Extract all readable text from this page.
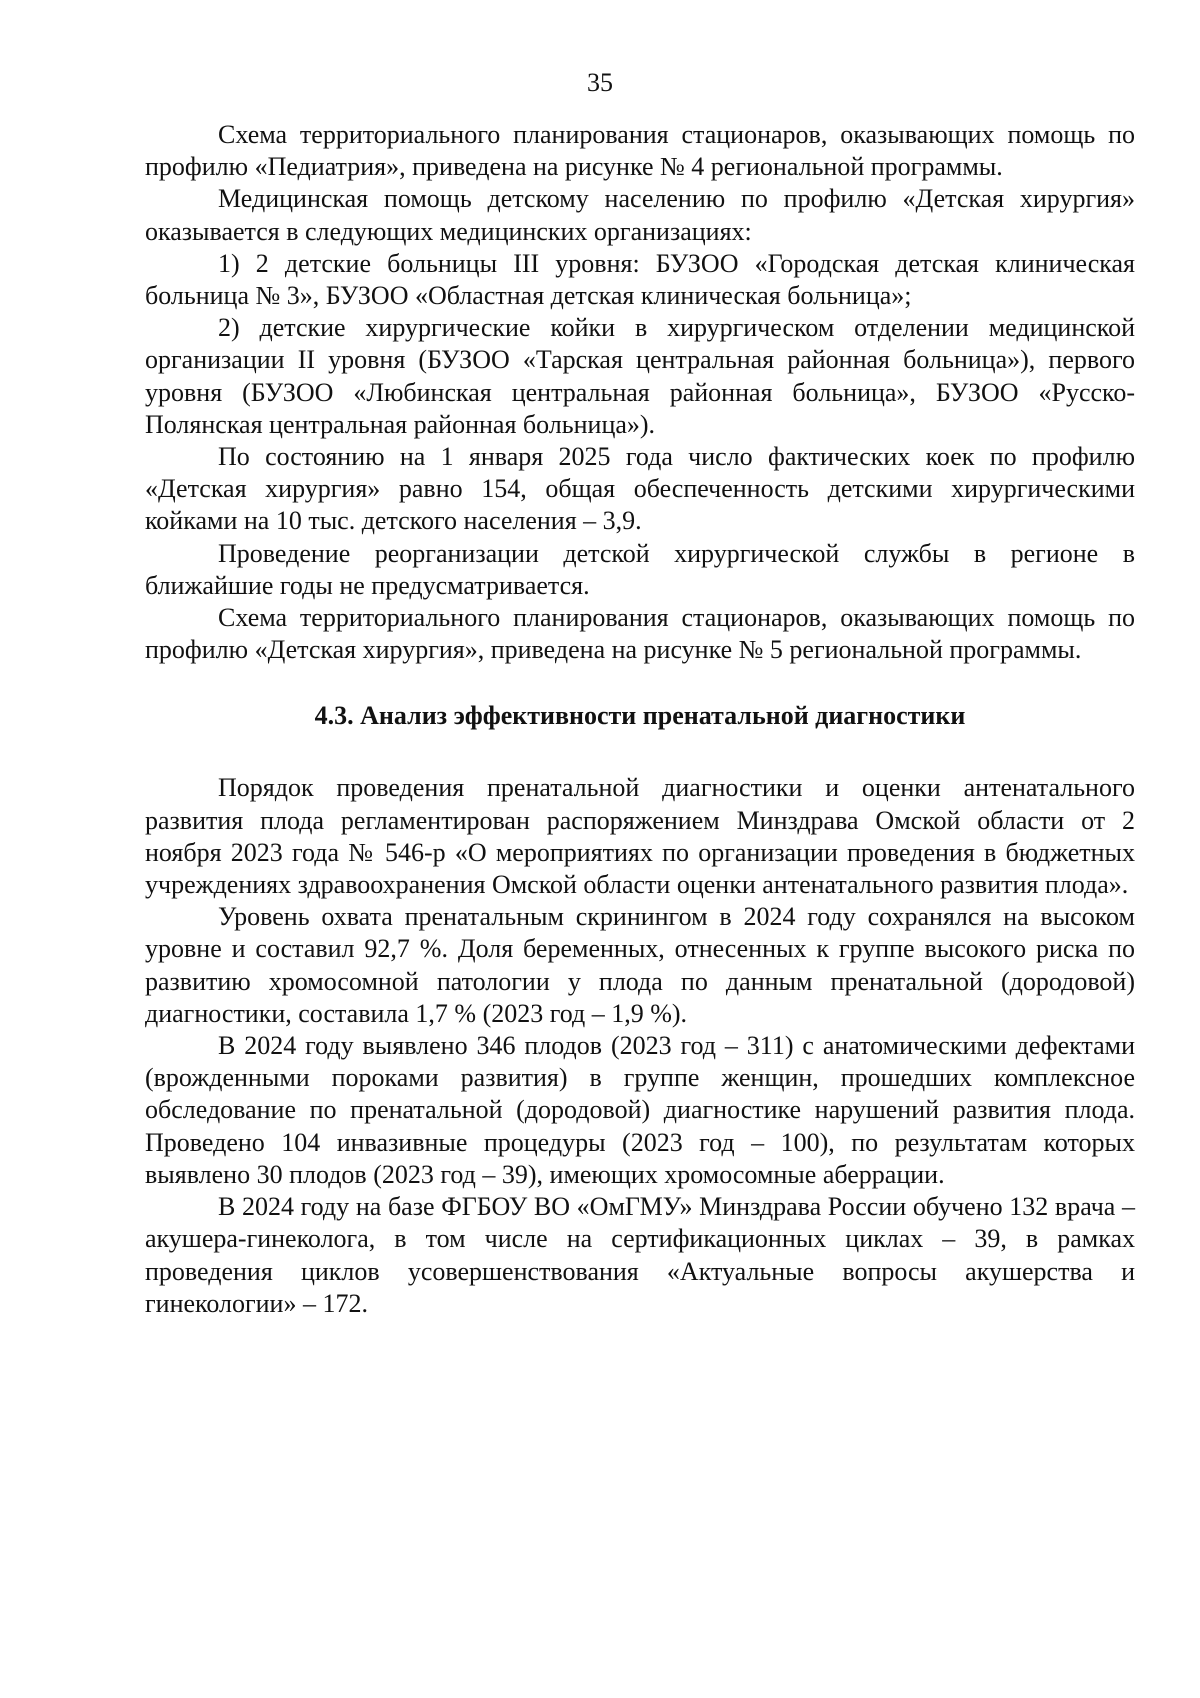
35

Схема территориального планирования стационаров, оказывающих помощь по профилю «Педиатрия», приведена на рисунке № 4 региональной программы.

Медицинская помощь детскому населению по профилю «Детская хирургия» оказывается в следующих медицинских организациях:

1) 2 детские больницы III уровня: БУЗОО «Городская детская клиническая больница № 3», БУЗОО «Областная детская клиническая больница»;

2) детские хирургические койки в хирургическом отделении медицинской организации II уровня (БУЗОО «Тарская центральная районная больница»), первого уровня (БУЗОО «Любинская центральная районная больница», БУЗОО «Русско-Полянская центральная районная больница»).

По состоянию на 1 января 2025 года число фактических коек по профилю «Детская хирургия» равно 154, общая обеспеченность детскими хирургическими койками на 10 тыс. детского населения – 3,9.

Проведение реорганизации детской хирургической службы в регионе в ближайшие годы не предусматривается.

Схема территориального планирования стационаров, оказывающих помощь по профилю «Детская хирургия», приведена на рисунке № 5 региональной программы.

4.3. Анализ эффективности пренатальной диагностики

Порядок проведения пренатальной диагностики и оценки антенатального развития плода регламентирован распоряжением Минздрава Омской области от 2 ноября 2023 года № 546-р «О мероприятиях по организации проведения в бюджетных учреждениях здравоохранения Омской области оценки антенатального развития плода».

Уровень охвата пренатальным скринингом в 2024 году сохранялся на высоком уровне и составил 92,7 %. Доля беременных, отнесенных к группе высокого риска по развитию хромосомной патологии у плода по данным пренатальной (дородовой) диагностики, составила 1,7 % (2023 год – 1,9 %).

В 2024 году выявлено 346 плодов (2023 год – 311) с анатомическими дефектами (врожденными пороками развития) в группе женщин, прошедших комплексное обследование по пренатальной (дородовой) диагностике нарушений развития плода. Проведено 104 инвазивные процедуры (2023 год – 100), по результатам которых выявлено 30 плодов (2023 год – 39), имеющих хромосомные аберрации.

В 2024 году на базе ФГБОУ ВО «ОмГМУ» Минздрава России обучено 132 врача – акушера-гинеколога, в том числе на сертификационных циклах – 39, в рамках проведения циклов усовершенствования «Актуальные вопросы акушерства и гинекологии» – 172.
